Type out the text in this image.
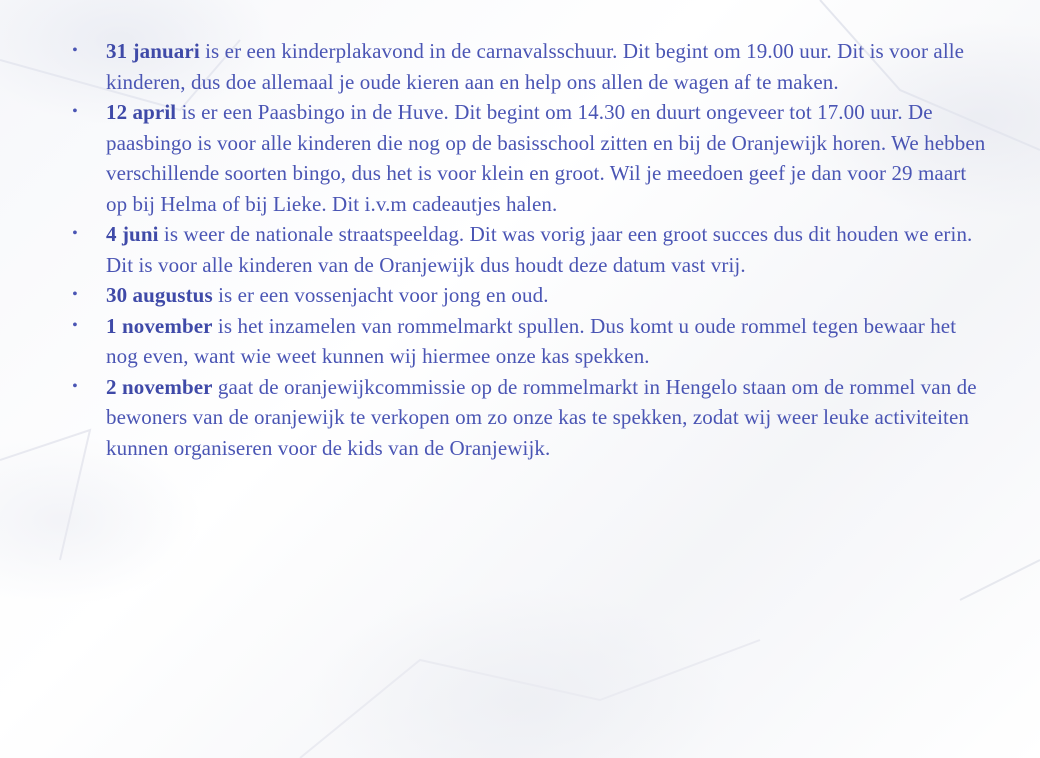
• 31 januari is er een kinderplakavond in de carnavalsschuur. Dit begint om 19.00 uur. Dit is voor alle kinderen, dus doe allemaal je oude kieren aan en help ons allen de wagen af te maken.
• 12 april is er een Paasbingo in de Huve. Dit begint om 14.30 en duurt ongeveer tot 17.00 uur. De paasbingo is voor alle kinderen die nog op de basisschool zitten en bij de Oranjewijk horen. We hebben verschillende soorten bingo, dus het is voor klein en groot. Wil je meedoen geef je dan voor 29 maart op bij Helma of bij Lieke. Dit i.v.m cadeautjes halen.
• 4 juni is weer de nationale straatspeeldag. Dit was vorig jaar een groot succes dus dit houden we erin. Dit is voor alle kinderen van de Oranjewijk dus houdt deze datum vast vrij.
• 30 augustus is er een vossenjacht voor jong en oud.
• 1 november is het inzamelen van rommelmarkt spullen. Dus komt u oude rommel tegen bewaar het nog even, want wie weet kunnen wij hiermee onze kas spekken.
• 2 november gaat de oranjewijkcommissie op de rommelmarkt in Hengelo staan om de rommel van de bewoners van de oranjewijk te verkopen om zo onze kas te spekken, zodat wij weer leuke activiteiten kunnen organiseren voor de kids van de Oranjewijk.
